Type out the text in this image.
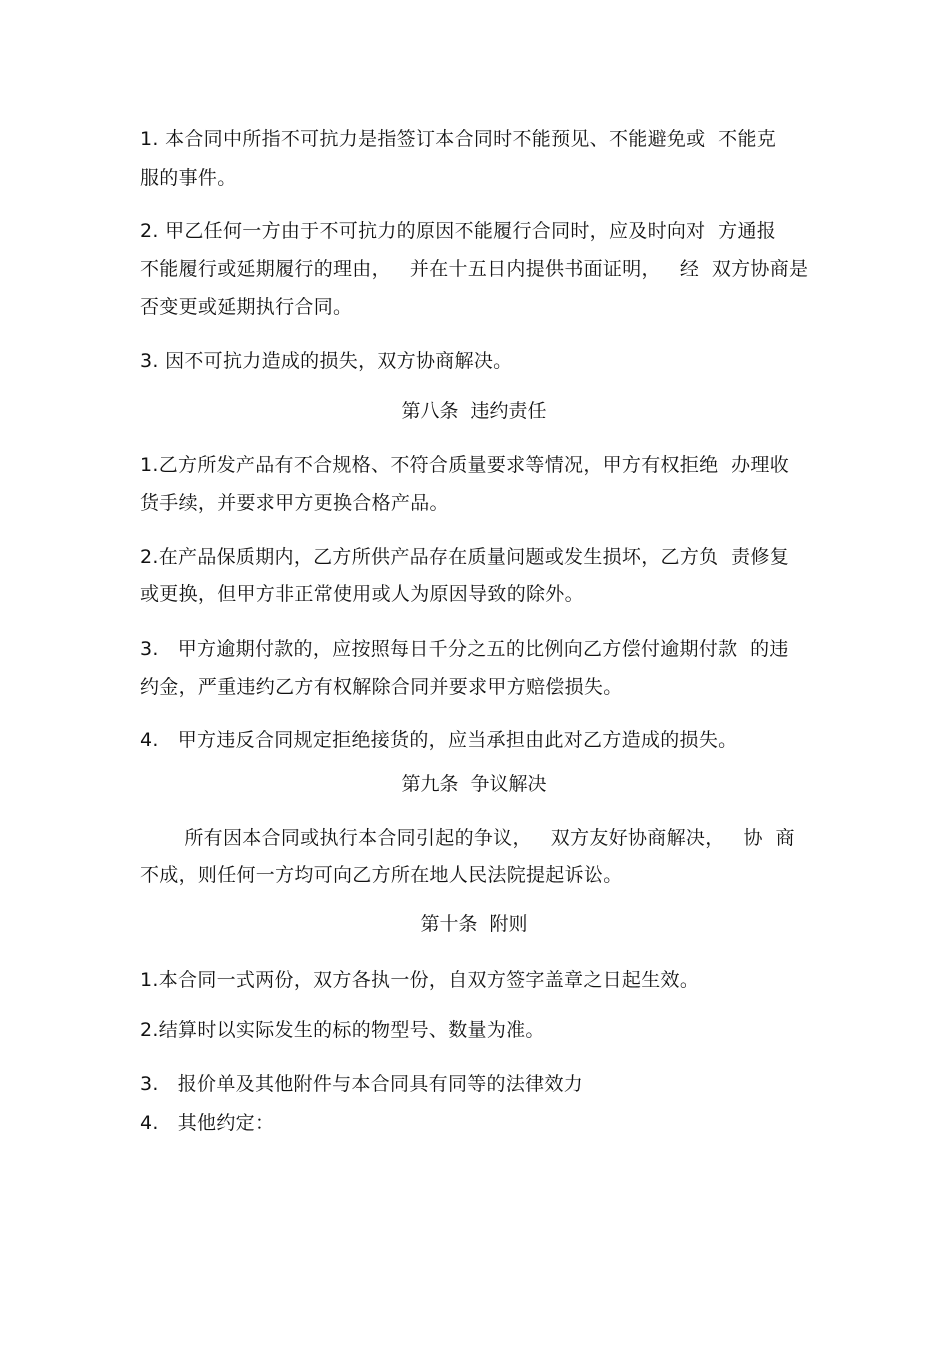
1. 本合同中所指不可抗力是指签订本合同时不能预见、不能避免或  不能克
服的事件。
2. 甲乙任何一方由于不可抗力的原因不能履行合同时，应及时向对  方通报
不能履行或延期履行的理由，   并在十五日内提供书面证明，   经  双方协商是
否变更或延期执行合同。
3. 因不可抗力造成的损失，双方协商解决。
第八条  违约责任
1.乙方所发产品有不合规格、不符合质量要求等情况，甲方有权拒绝  办理收
货手续，并要求甲方更换合格产品。
2.在产品保质期内，乙方所供产品存在质量问题或发生损坏，乙方负  责修复
或更换，但甲方非正常使用或人为原因导致的除外。
3.   甲方逾期付款的，应按照每日千分之五的比例向乙方偿付逾期付款  的违
约金，严重违约乙方有权解除合同并要求甲方赔偿损失。
4.   甲方违反合同规定拒绝接货的，应当承担由此对乙方造成的损失。
第九条  争议解决
所有因本合同或执行本合同引起的争议，   双方友好协商解决，   协  商
不成，则任何一方均可向乙方所在地人民法院提起诉讼。
第十条  附则
1.本合同一式两份，双方各执一份，自双方签字盖章之日起生效。
2.结算时以实际发生的标的物型号、数量为准。
3.   报价单及其他附件与本合同具有同等的法律效力
4.   其他约定：
